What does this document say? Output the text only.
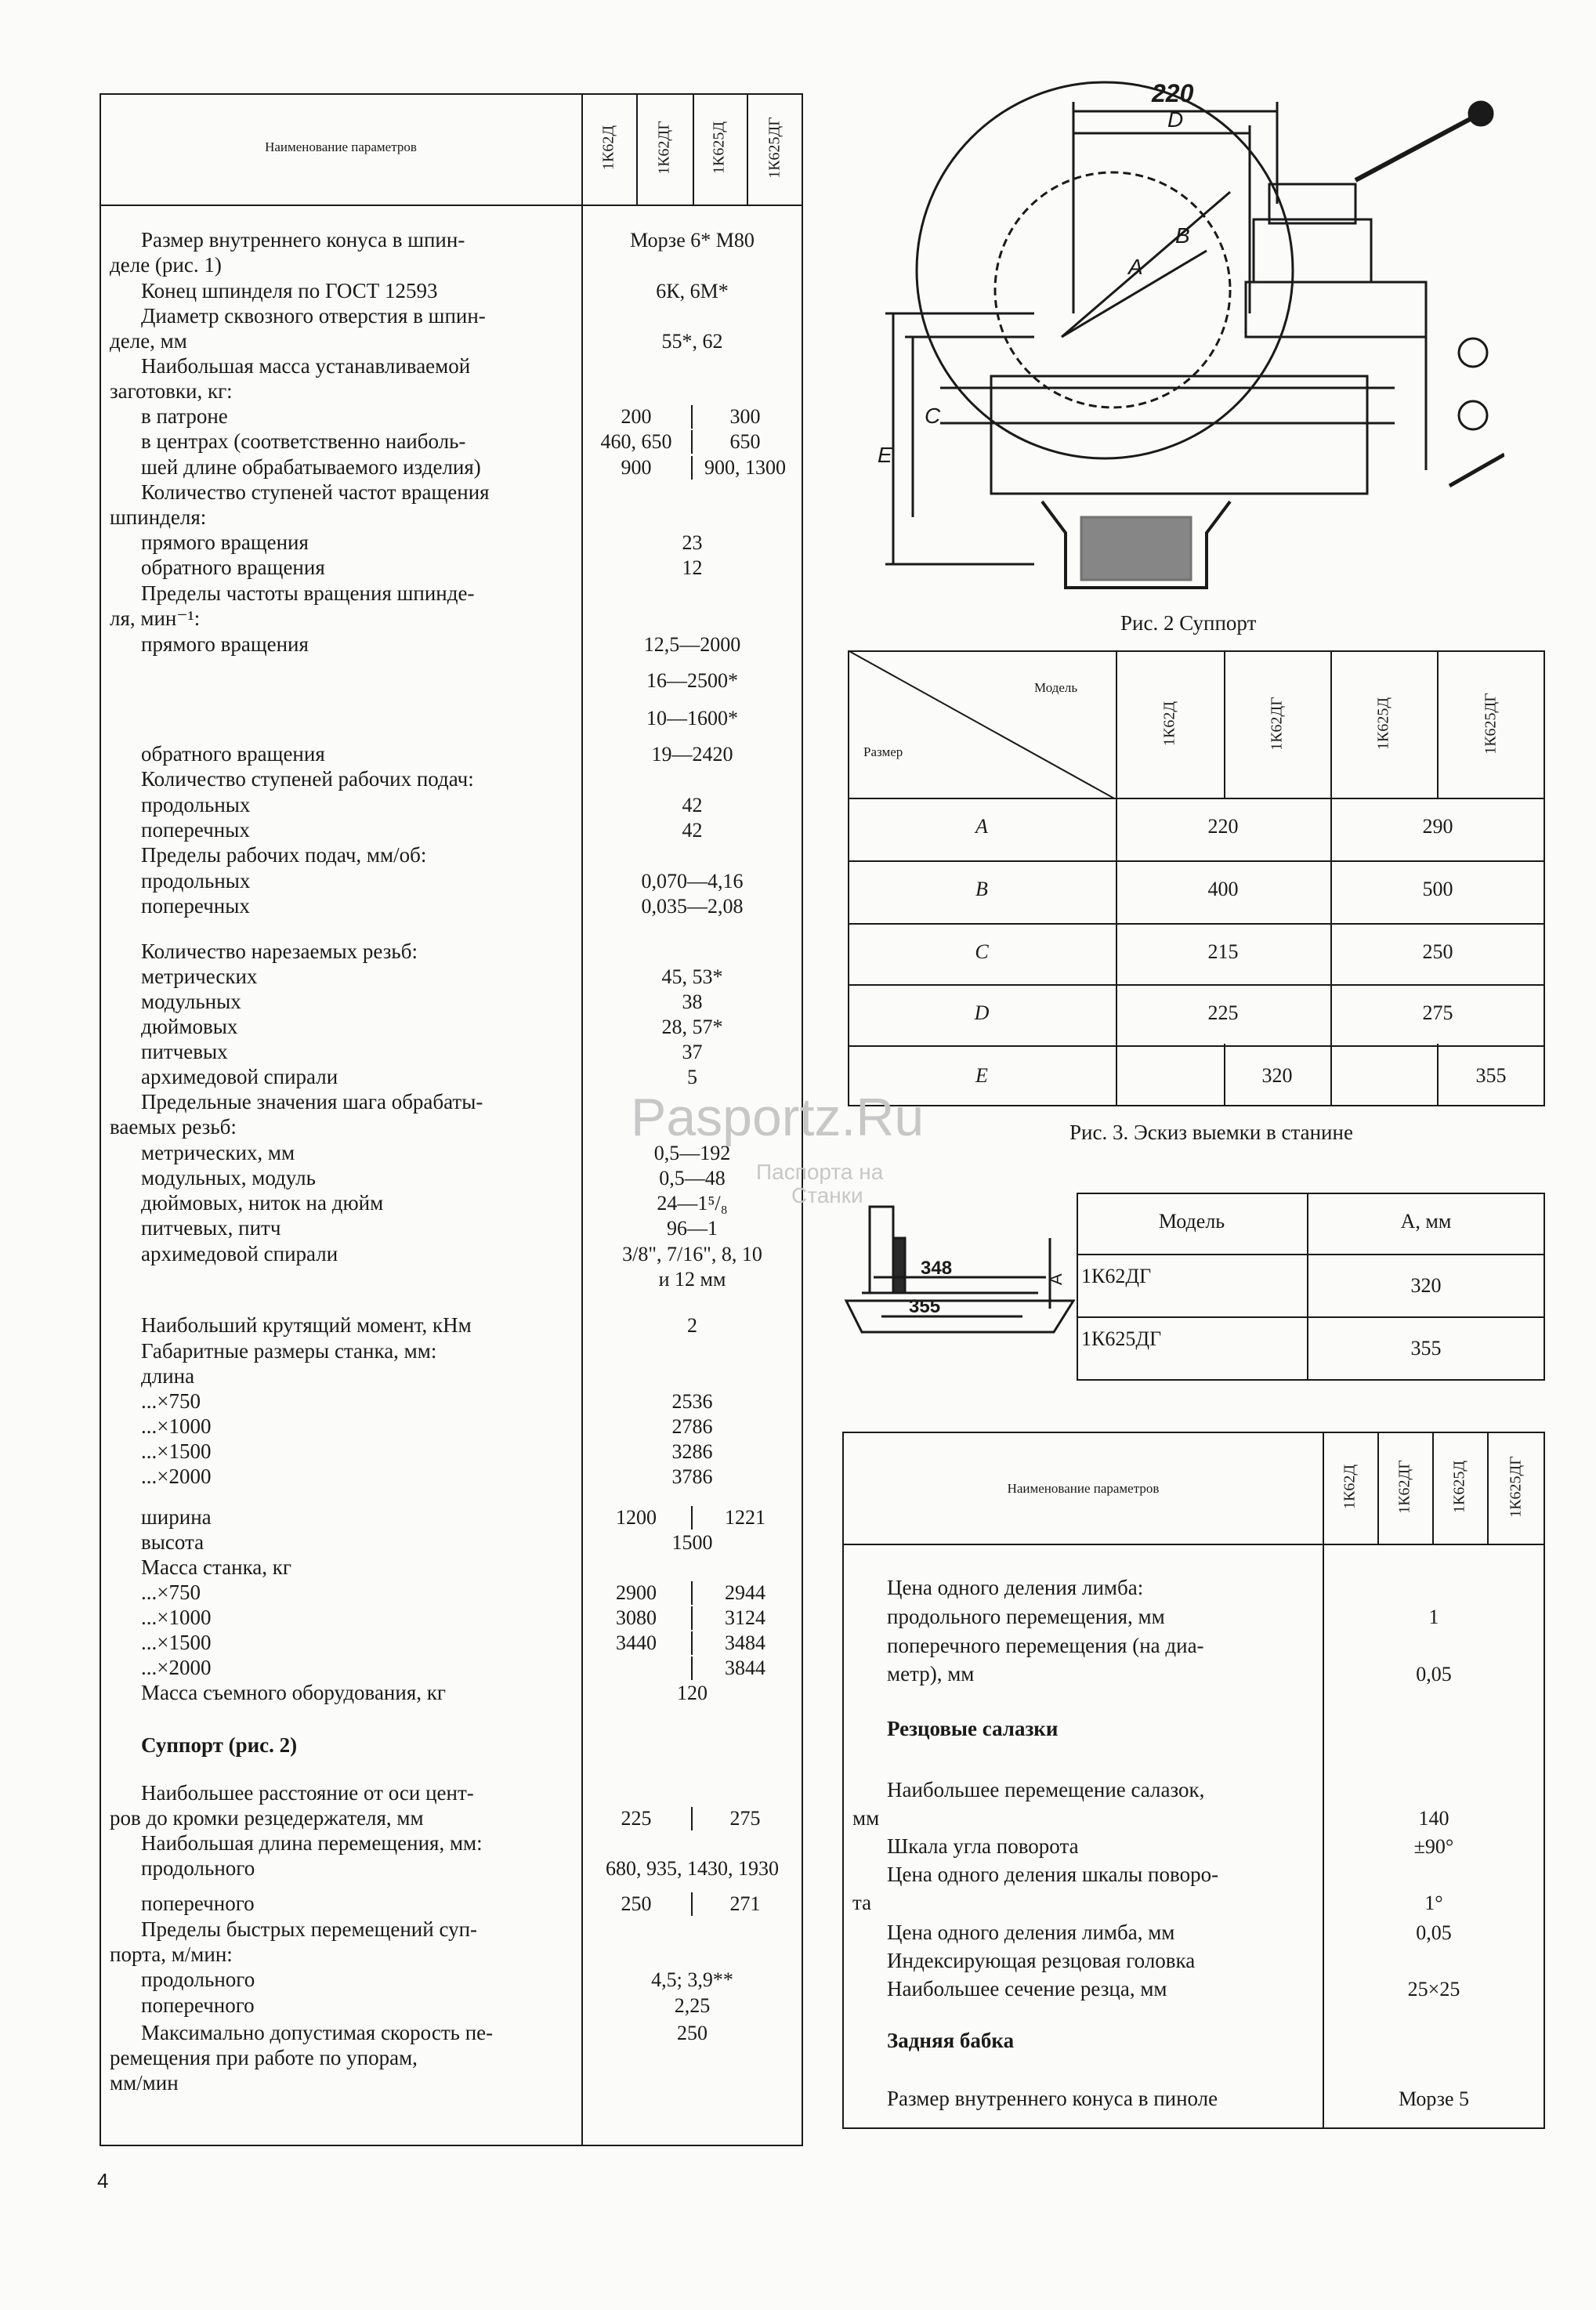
Наименование параметров	1К62Д 1К62ДГ 1К625Д 1К625ДГ
Размер внутреннего конуса в шпин-	Морзе 6* М80
деле (рис. 1)
Конец шпинделя по ГОСТ 12593	6К, 6М*
Диаметр сквозного отверстия в шпин-
деле, мм	55*, 62
Наибольшая масса устанавливаемой
заготовки, кг:
в патроне	200	300
в центрах (соответственно наиболь-	460, 650	650
шей длине обрабатываемого изделия)	900	900, 1300
Количество ступеней частот вращения
шпинделя:
прямого вращения	23
обратного вращения	12
Пределы частоты вращения шпинде-
ля, мин⁻¹:
прямого вращения	12,5—2000
16—2500*
10—1600*
обратного вращения	19—2420
Количество ступеней рабочих подач:
продольных	42
поперечных	42
Пределы рабочих подач, мм/об:
продольных	0,070—4,16
поперечных	0,035—2,08
Количество нарезаемых резьб:
метрических	45, 53*
модульных	38
дюймовых	28, 57*
питчевых	37
архимедовой спирали	5
Предельные значения шага обрабаты-
ваемых резьб:
метрических, мм	0,5—192
модульных, модуль	0,5—48
дюймовых, ниток на дюйм	24—1⁵/₈
питчевых, питч	96—1
архимедовой спирали	3/8", 7/16", 8, 10
и 12 мм
Наибольший крутящий момент, кНм	2
Габаритные размеры станка, мм:
длина
...×750	2536
...×1000	2786
...×1500	3286
...×2000	3786
ширина	1200	1221
высота	1500
Масса станка, кг
...×750	2900	2944
...×1000	3080	3124
...×1500	3440	3484
...×2000	3844
Масса съемного оборудования, кг	120
Суппорт (рис. 2)
Наибольшее расстояние от оси цент-
ров до кромки резцедержателя, мм	225	275
Наибольшая длина перемещения, мм:
продольного	680, 935, 1430, 1930
поперечного	250	271
Пределы быстрых перемещений суп-
порта, м/мин:
продольного	4,5; 3,9**
поперечного	2,25
Максимально допустимая скорость пе-	250
ремещения при работе по упорам,
мм/мин
220
D
A
B
C
E
Рис. 2 Суппорт
Модель
Размер
1К62Д	1К62ДГ	1К625Д	1К625ДГ
A	220	290
B	400	500
C	215	250
D	225	275
E	320	355
Рис. 3. Эскиз выемки в станине
Pasportz.Ru
Паспорта на
Станки
348
355
A
Модель	А, мм
1К62ДГ	320
1К625ДГ	355
Наименование параметров	1К62Д 1К62ДГ 1К625Д	1К625ДГ
Цена одного деления лимба:
продольного перемещения, мм	1
поперечного перемещения (на диа-
метр), мм	0,05
Резцовые салазки
Наибольшее перемещение салазок,
мм	140
Шкала угла поворота	±90°
Цена одного деления шкалы поворо-
та	1°
Цена одного деления лимба, мм	0,05
Индексирующая резцовая головка
Наибольшее сечение резца, мм	25×25
Задняя бабка
Размер внутреннего конуса в пиноле	Морзе 5
4
